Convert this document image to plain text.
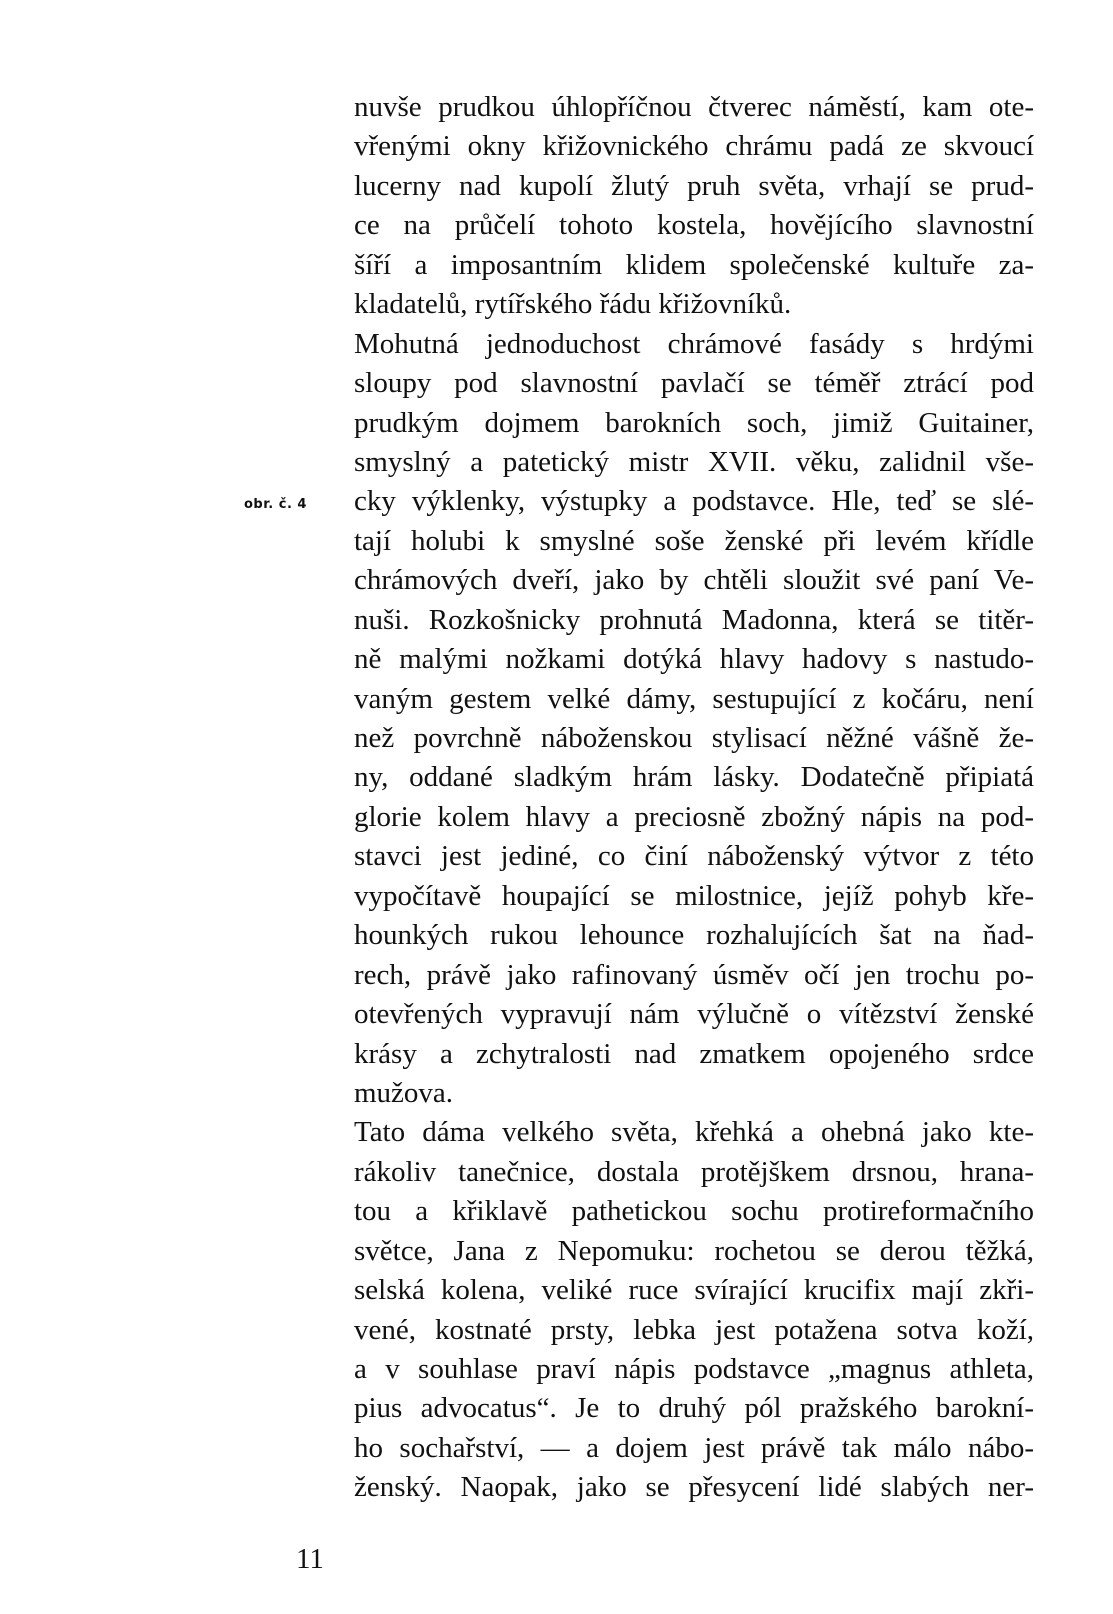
obr. č. 4
nuvše prudkou úhlopříčnou čtverec náměstí, kam ote-
vřenými okny křižovnického chrámu padá ze skvoucí
lucerny nad kupolí žlutý pruh světa, vrhají se prud-
ce na průčelí tohoto kostela, hovějícího slavnostní
šíří a imposantním klidem společenské kultuře za-
kladatelů, rytířského řádu křižovníků.
Mohutná jednoduchost chrámové fasády s hrdými
sloupy pod slavnostní pavlačí se téměř ztrácí pod
prudkým dojmem barokních soch, jimiž Guitainer,
smyslný a patetický mistr XVII. věku, zalidnil vše-
cky výklenky, výstupky a podstavce. Hle, teď se slé-
tají holubi k smyslné soše ženské při levém křídle
chrámových dveří, jako by chtěli sloužit své paní Ve-
nuši. Rozkošnicky prohnutá Madonna, která se titěr-
ně malými nožkami dotýká hlavy hadovy s nastudo-
vaným gestem velké dámy, sestupující z kočáru, není
než povrchně náboženskou stylisací něžné vášně že-
ny, oddané sladkým hrám lásky. Dodatečně připiatá
glorie kolem hlavy a preciosně zbožný nápis na pod-
stavci jest jediné, co činí náboženský výtvor z této
vypočítavě houpající se milostnice, jejíž pohyb kře-
hounkých rukou lehounce rozhalujících šat na ňad-
rech, právě jako rafinovaný úsměv očí jen trochu po-
otevřených vypravují nám výlučně o vítězství ženské
krásy a zchytralosti nad zmatkem opojeného srdce
mužova.
Tato dáma velkého světa, křehká a ohebná jako kte-
rákoliv tanečnice, dostala protějškem drsnou, hrana-
tou a křiklavě pathetickou sochu protireformačního
světce, Jana z Nepomuku: rochetou se derou těžká,
selská kolena, veliké ruce svírající krucifix mají zkři-
vené, kostnaté prsty, lebka jest potažena sotva koží,
a v souhlase praví nápis podstavce „magnus athleta,
pius advocatus“. Je to druhý pól pražského barokní-
ho sochařství, — a dojem jest právě tak málo nábo-
ženský. Naopak, jako se přesycení lidé slabých ner-
11
